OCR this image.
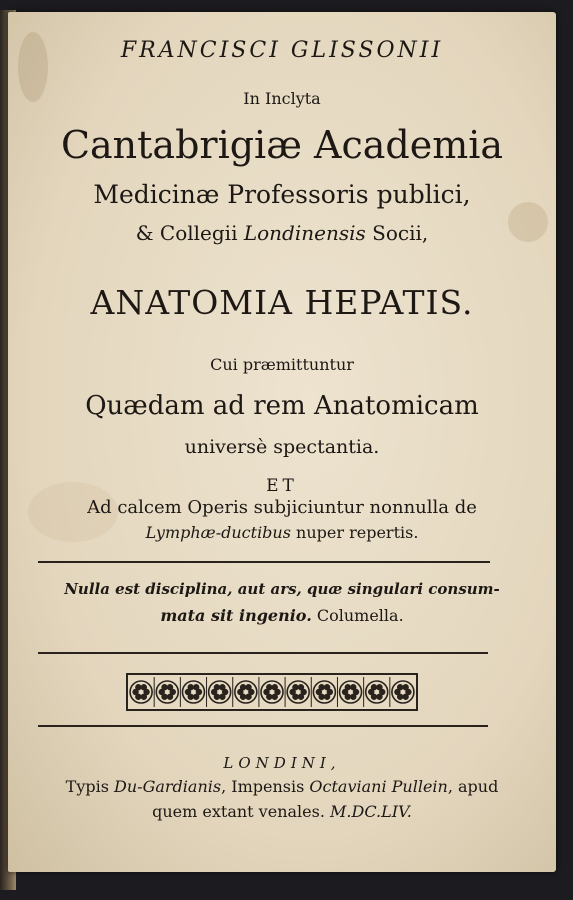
FRANCISCI GLISSONII
In Inclyta
Cantabrigiæ Academia
Medicinæ Professoris publici,
& Collegii Londinensis Socii,
ANATOMIA HEPATIS.
Cui præmittuntur
Quædam ad rem Anatomicam
universè spectantia.
ET
Ad calcem Operis subjiciuntur nonnulla de
Lymphæ-ductibus nuper repertis.
Nulla est disciplina, aut ars, quæ singulari consum-
mata sit ingenio. Columella.
LONDINI,
Typis Du-Gardianis, Impensis Octaviani Pullein, apud
quem extant venales. M.DC.LIV.
